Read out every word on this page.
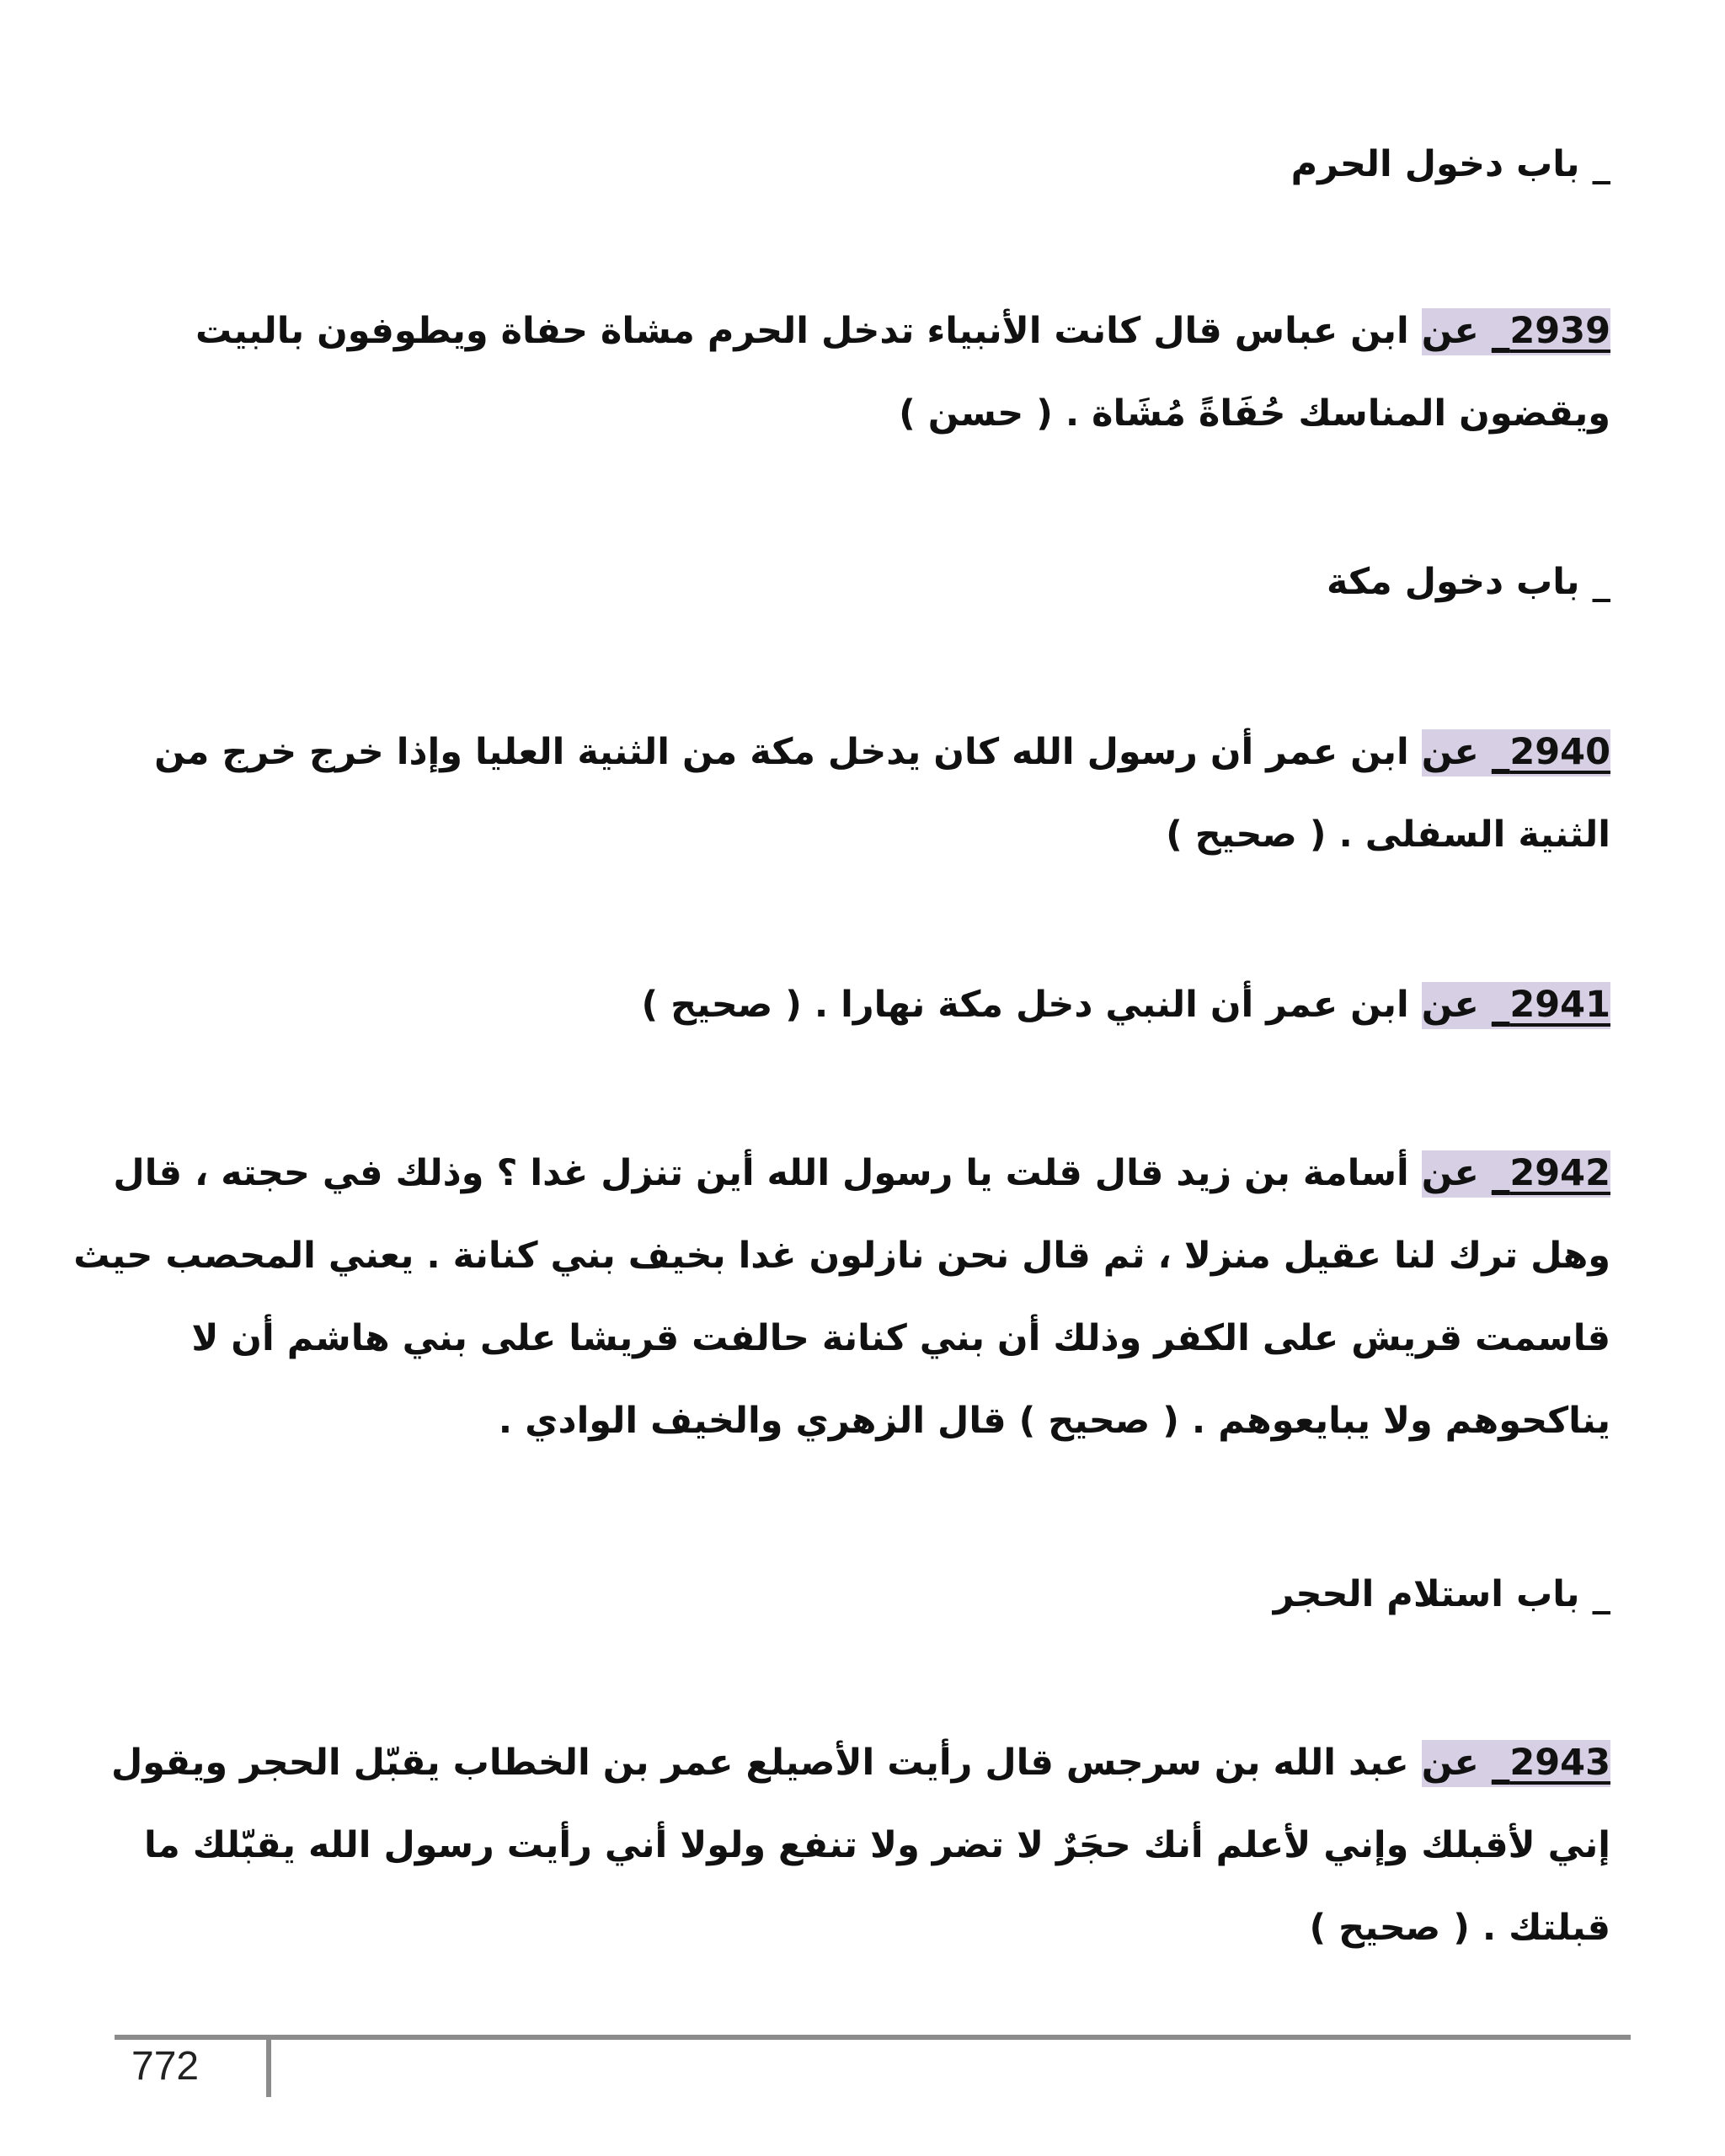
_ باب دخول الحرم

2939_ عن ابن عباس قال كانت الأنبياء تدخل الحرم مشاة حفاة ويطوفون بالبيت ويقضون المناسك حُفَاةً مُشَاة . ( حسن )

_ باب دخول مكة

2940_ عن ابن عمر أن رسول الله كان يدخل مكة من الثنية العليا وإذا خرج خرج من الثنية السفلى . ( صحيح )

2941_ عن ابن عمر أن النبي دخل مكة نهارا . ( صحيح )

2942_ عن أسامة بن زيد قال قلت يا رسول الله أين تنزل غدا ؟ وذلك في حجته ، قال وهل ترك لنا عقيل منزلا ، ثم قال نحن نازلون غدا بخيف بني كنانة . يعني المحصب حيث قاسمت قريش على الكفر وذلك أن بني كنانة حالفت قريشا على بني هاشم أن لا يناكحوهم ولا يبايعوهم . ( صحيح ) قال الزهري والخيف الوادي .

_ باب استلام الحجر

2943_ عن عبد الله بن سرجس قال رأيت الأصيلع عمر بن الخطاب يقبّل الحجر ويقول إني لأقبلك وإني لأعلم أنك حجَرٌ لا تضر ولا تنفع ولولا أني رأيت رسول الله يقبّلك ما قبلتك . ( صحيح )

772
